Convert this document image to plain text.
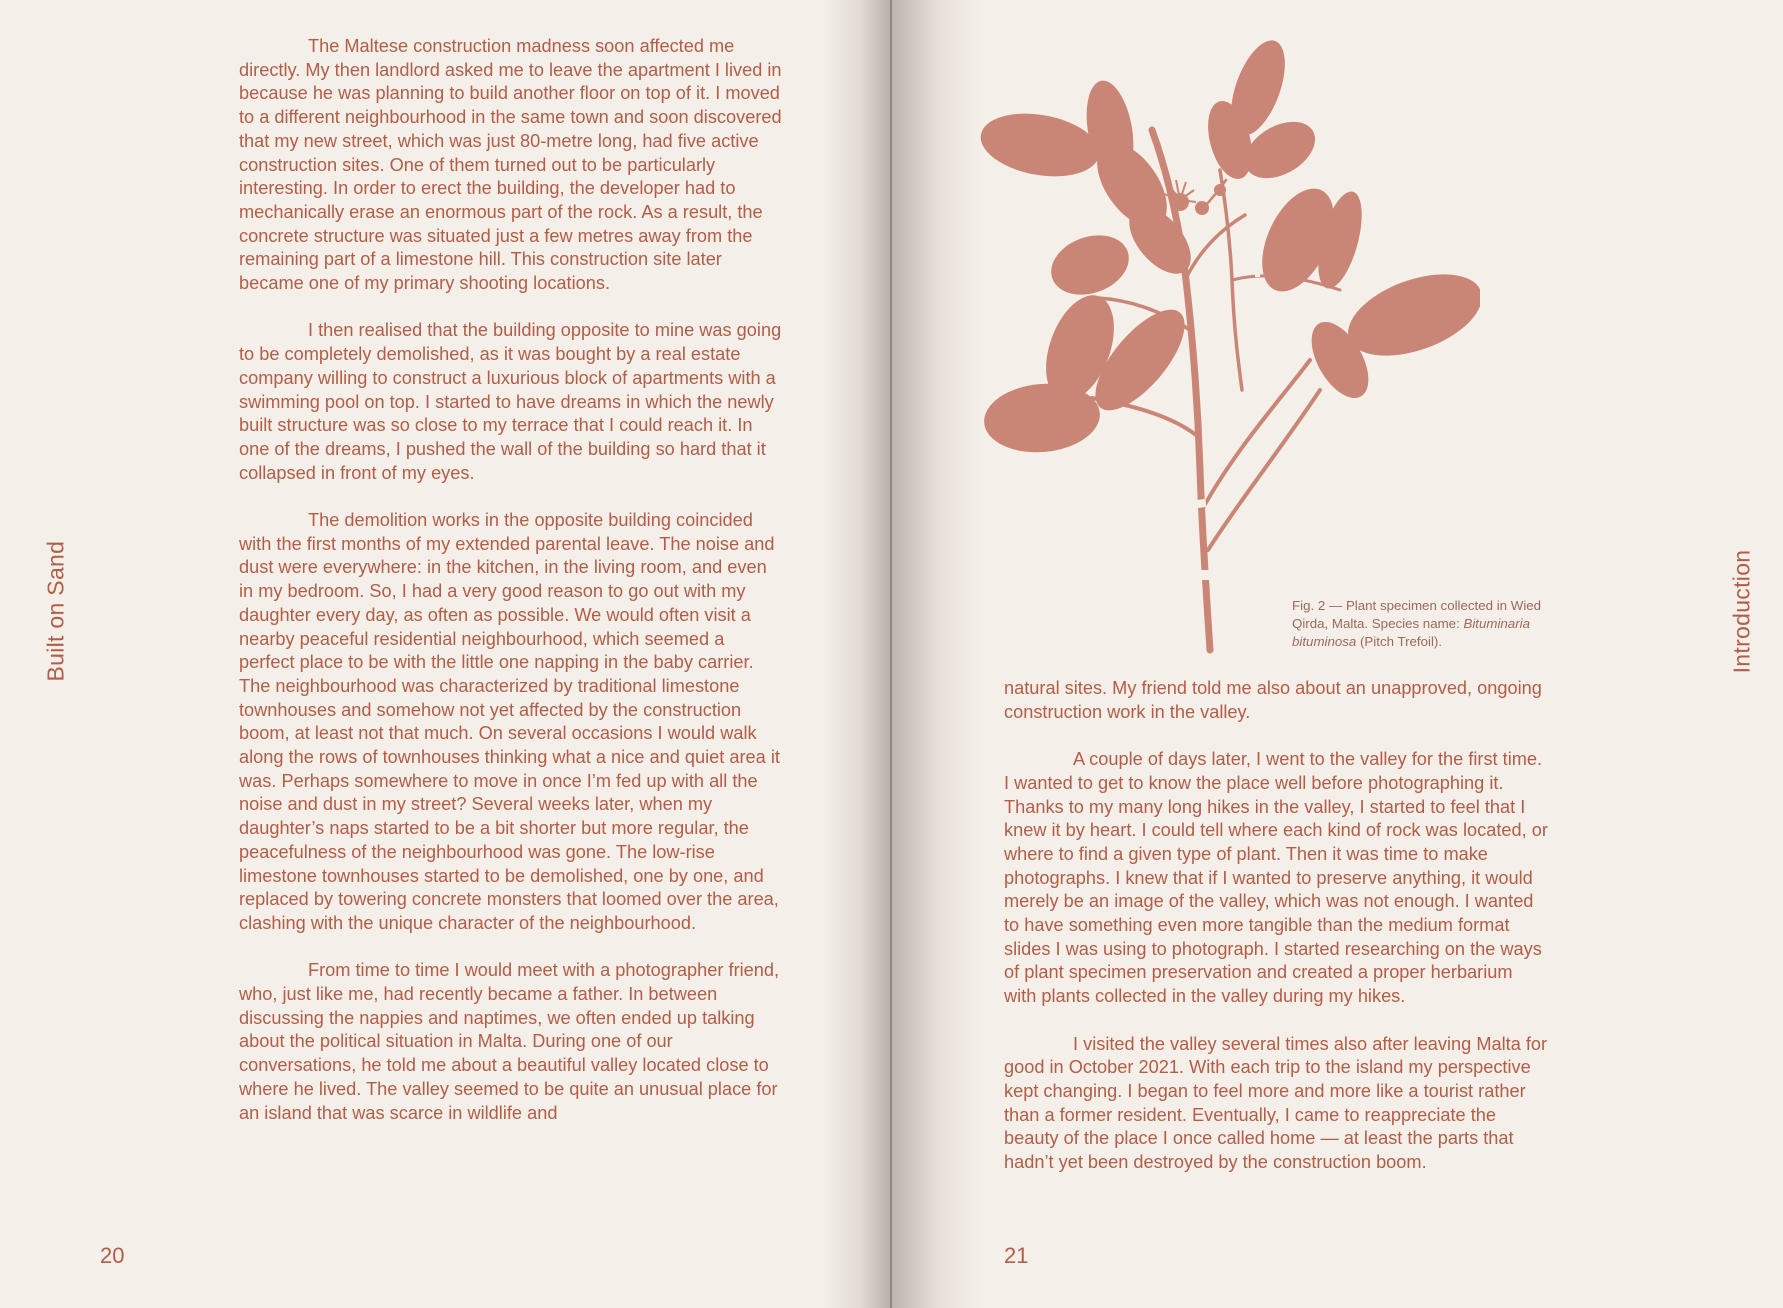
Built on Sand

The Maltese construction madness soon affected me directly. My then landlord asked me to leave the apartment I lived in because he was planning to build another floor on top of it. I moved to a different neighbourhood in the same town and soon discovered that my new street, which was just 80-metre long, had five active construction sites. One of them turned out to be particularly interesting. In order to erect the building, the developer had to mechanically erase an enormous part of the rock. As a result, the concrete structure was situated just a few metres away from the remaining part of a limestone hill. This construction site later became one of my primary shooting locations.

I then realised that the building opposite to mine was going to be completely demolished, as it was bought by a real estate company willing to construct a luxurious block of apartments with a swimming pool on top. I started to have dreams in which the newly built structure was so close to my terrace that I could reach it. In one of the dreams, I pushed the wall of the building so hard that it collapsed in front of my eyes.

The demolition works in the opposite building coincided with the first months of my extended parental leave. The noise and dust were everywhere: in the kitchen, in the living room, and even in my bedroom. So, I had a very good reason to go out with my daughter every day, as often as possible. We would often visit a nearby peaceful residential neighbourhood, which seemed a perfect place to be with the little one napping in the baby carrier. The neighbourhood was characterized by traditional limestone townhouses and somehow not yet affected by the construction boom, at least not that much. On several occasions I would walk along the rows of townhouses thinking what a nice and quiet area it was. Perhaps somewhere to move in once I’m fed up with all the noise and dust in my street? Several weeks later, when my daughter’s naps started to be a bit shorter but more regular, the peacefulness of the neighbourhood was gone. The low-rise limestone townhouses started to be demolished, one by one, and replaced by towering concrete monsters that loomed over the area, clashing with the unique character of the neighbourhood.

From time to time I would meet with a photographer friend, who, just like me, had recently became a father. In between discussing the nappies and naptimes, we often ended up talking about the political situation in Malta. During one of our conversations, he told me about a beautiful valley located close to where he lived. The valley seemed to be quite an unusual place for an island that was scarce in wildlife and

20
Fig. 2 — Plant specimen collected in Wied Qirda, Malta. Species name: Bituminaria bituminosa (Pitch Trefoil).

natural sites. My friend told me also about an unapproved, ongoing construction work in the valley.

A couple of days later, I went to the valley for the first time. I wanted to get to know the place well before photographing it. Thanks to my many long hikes in the valley, I started to feel that I knew it by heart. I could tell where each kind of rock was located, or where to find a given type of plant. Then it was time to make photographs. I knew that if I wanted to preserve anything, it would merely be an image of the valley, which was not enough. I wanted to have something even more tangible than the medium format slides I was using to photograph. I started researching on the ways of plant specimen preservation and created a proper herbarium with plants collected in the valley during my hikes.

I visited the valley several times also after leaving Malta for good in October 2021. With each trip to the island my perspective kept changing. I began to feel more and more like a tourist rather than a former resident. Eventually, I came to reappreciate the beauty of the place I once called home — at least the parts that hadn’t yet been destroyed by the construction boom.

Introduction
21
